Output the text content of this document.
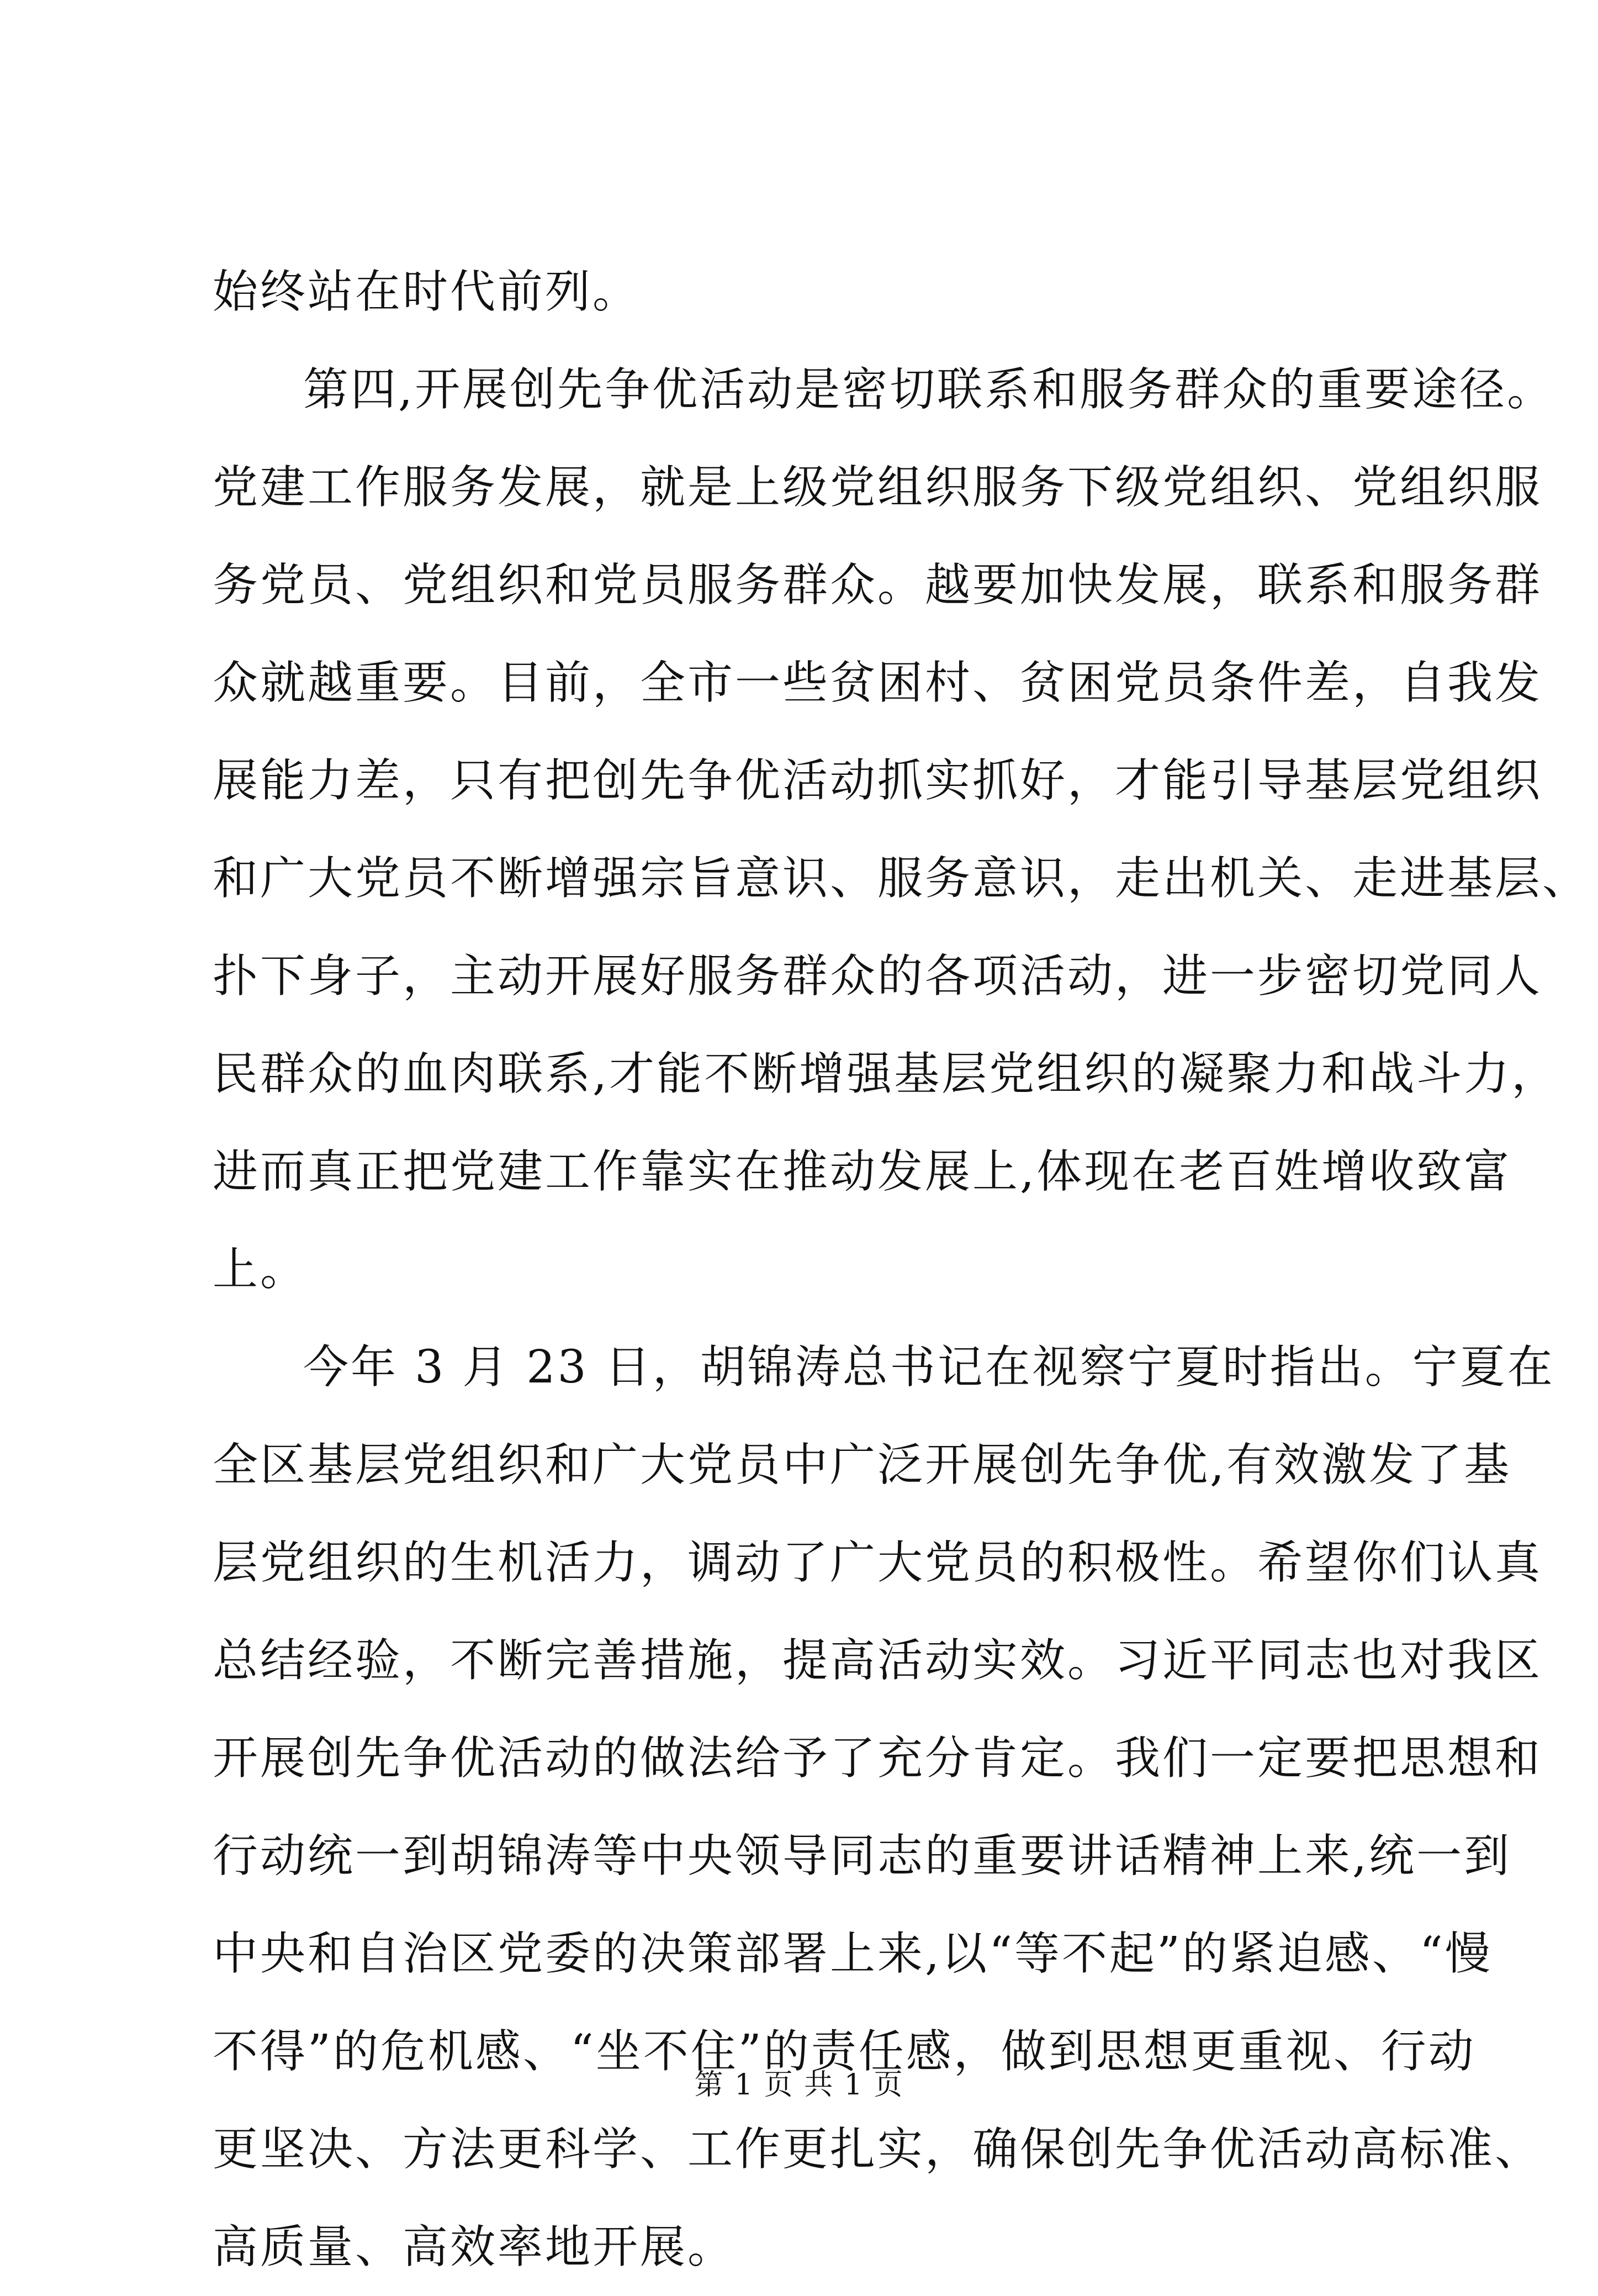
始终站在时代前列。
第四,开展创先争优活动是密切联系和服务群众的重要途径。
党建工作服务发展，就是上级党组织服务下级党组织、党组织服
务党员、党组织和党员服务群众。越要加快发展，联系和服务群
众就越重要。目前，全市一些贫困村、贫困党员条件差，自我发
展能力差，只有把创先争优活动抓实抓好，才能引导基层党组织
和广大党员不断增强宗旨意识、服务意识，走出机关、走进基层、
扑下身子，主动开展好服务群众的各项活动，进一步密切党同人
民群众的血肉联系,才能不断增强基层党组织的凝聚力和战斗力，
进而真正把党建工作靠实在推动发展上,体现在老百姓增收致富
上。
今年 3 月 23 日，胡锦涛总书记在视察宁夏时指出。宁夏在
全区基层党组织和广大党员中广泛开展创先争优,有效激发了基
层党组织的生机活力，调动了广大党员的积极性。希望你们认真
总结经验，不断完善措施，提高活动实效。习近平同志也对我区
开展创先争优活动的做法给予了充分肯定。我们一定要把思想和
行动统一到胡锦涛等中央领导同志的重要讲话精神上来,统一到
中央和自治区党委的决策部署上来,以“等不起”的紧迫感、“慢
不得”的危机感、“坐不住”的责任感，做到思想更重视、行动
更坚决、方法更科学、工作更扎实，确保创先争优活动高标准、
高质量、高效率地开展。
第 1 页 共 1 页
